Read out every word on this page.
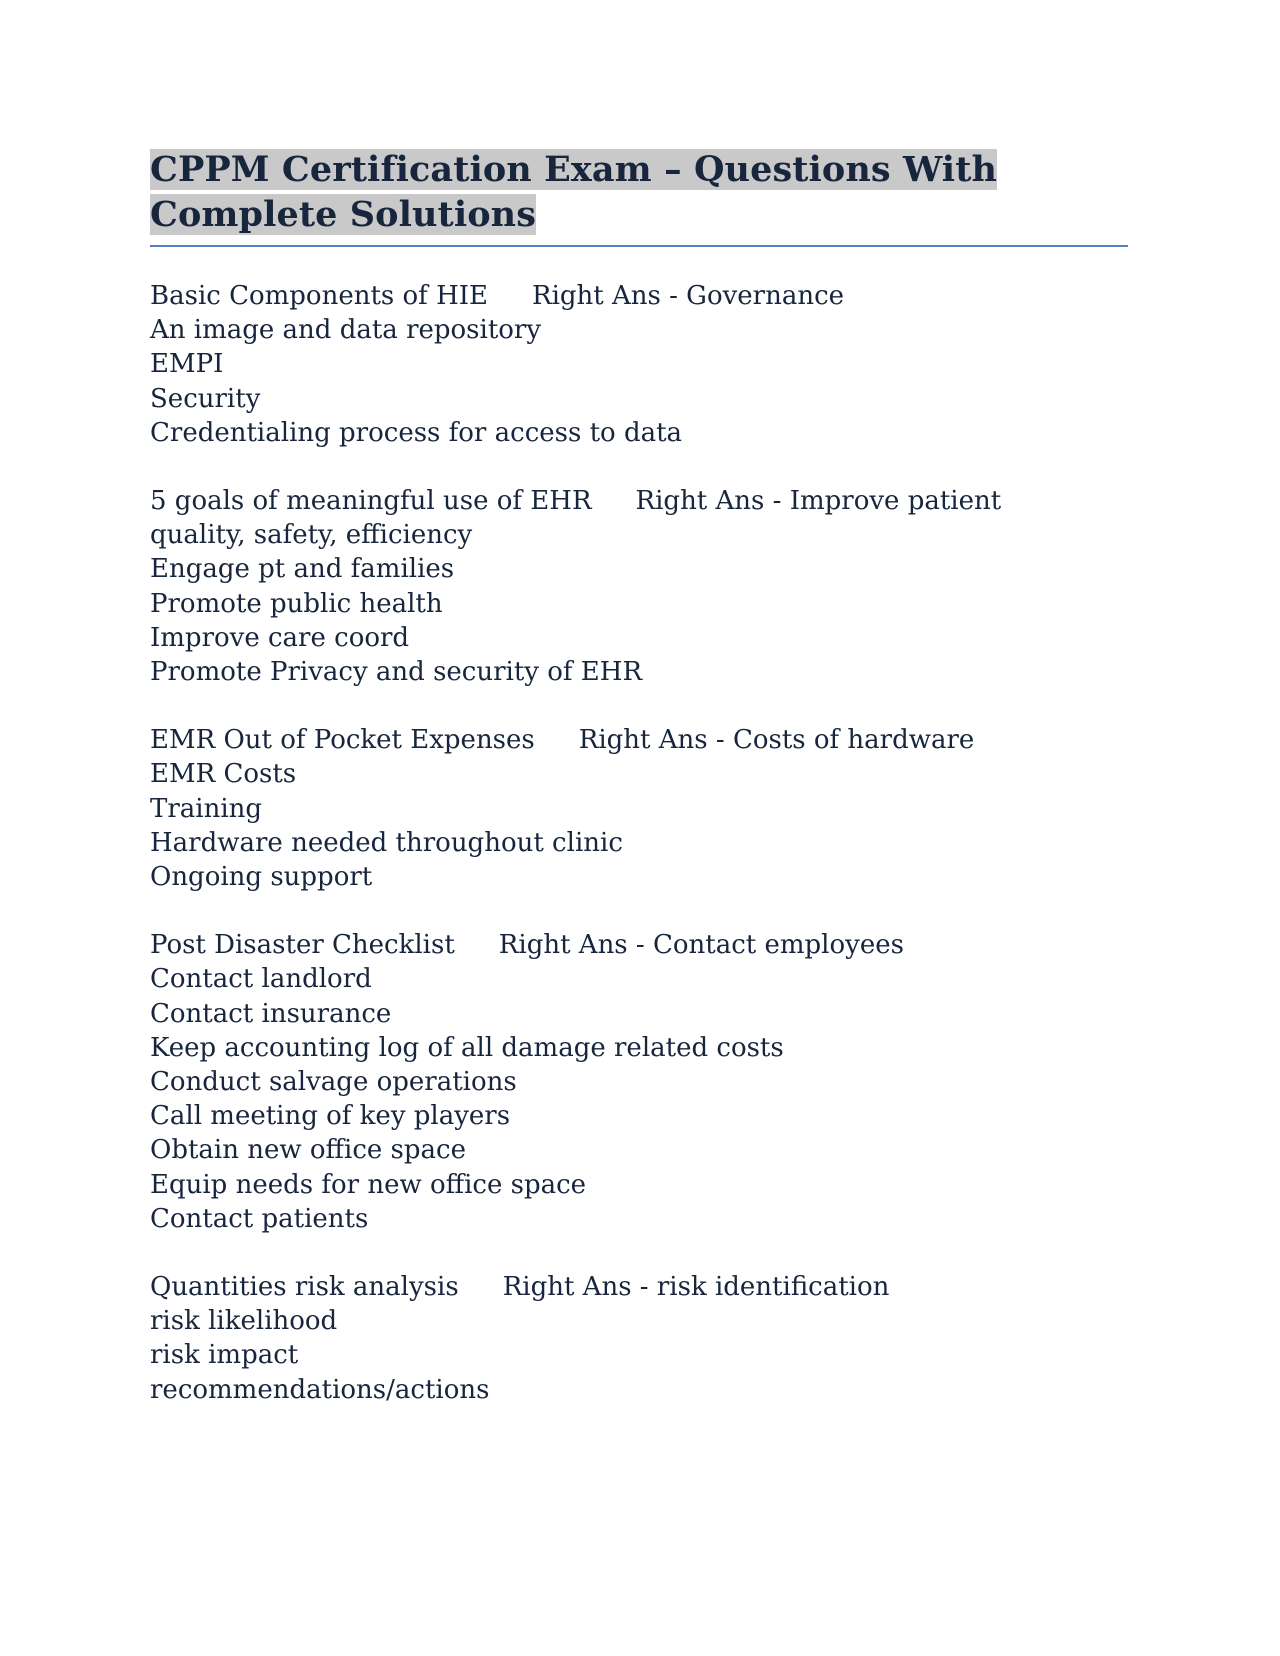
CPPM Certification Exam – Questions With Complete Solutions
Basic Components of HIE Right Ans - Governance
An image and data repository
EMPI
Security
Credentialing process for access to data
5 goals of meaningful use of EHR Right Ans - Improve patient quality, safety, efficiency
Engage pt and families
Promote public health
Improve care coord
Promote Privacy and security of EHR
EMR Out of Pocket Expenses Right Ans - Costs of hardware
EMR Costs
Training
Hardware needed throughout clinic
Ongoing support
Post Disaster Checklist Right Ans - Contact employees
Contact landlord
Contact insurance
Keep accounting log of all damage related costs
Conduct salvage operations
Call meeting of key players
Obtain new office space
Equip needs for new office space
Contact patients
Quantities risk analysis Right Ans - risk identification
risk likelihood
risk impact
recommendations/actions
